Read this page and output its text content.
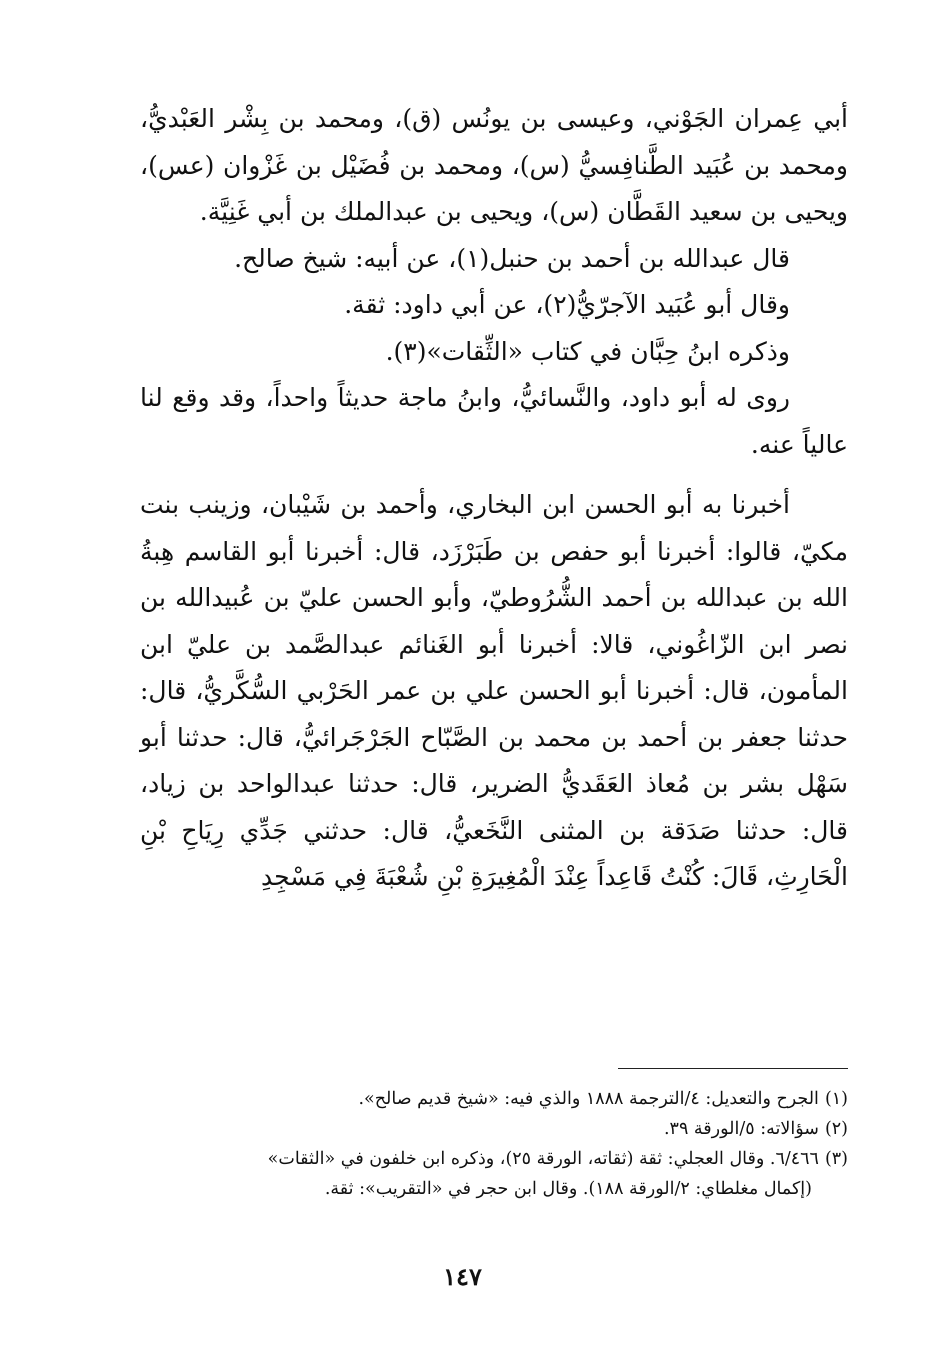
أبي عِمران الجَوْني، وعيسى بن يونُس (ق)، ومحمد بن بِشْر العَبْديُّ، ومحمد بن عُبَيد الطَّنافِسيُّ (س)، ومحمد بن فُضَيْل بن غَزْوان (عس)، ويحيى بن سعيد القَطَّان (س)، ويحيى بن عبدالملك بن أبي غَنِيَّة.

قال عبدالله بن أحمد بن حنبل(١)، عن أبيه: شيخ صالح.

وقال أبو عُبَيد الآجرّيُّ(٢)، عن أبي داود: ثقة.

وذكره ابنُ حِبَّان في كتاب «الثِّقات»(٣).

روى له أبو داود، والنَّسائيُّ، وابنُ ماجة حديثاً واحداً، وقد وقع لنا عالياً عنه.

أخبرنا به أبو الحسن ابن البخاري، وأحمد بن شَيْبان، وزينب بنت مكيّ، قالوا: أخبرنا أبو حفص بن طَبَرْزَد، قال: أخبرنا أبو القاسم هِبةُ الله بن عبدالله بن أحمد الشُّرُوطيّ، وأبو الحسن عليّ بن عُبيدالله بن نصر ابن الزّاغُوني، قالا: أخبرنا أبو الغَنائم عبدالصَّمد بن عليّ ابن المأمون، قال: أخبرنا أبو الحسن علي بن عمر الحَرْبي السُّكَّريُّ، قال: حدثنا جعفر بن أحمد بن محمد بن الصَّبّاح الجَرْجَرائيُّ، قال: حدثنا أبو سَهْل بشر بن مُعاذ العَقَديُّ الضرير، قال: حدثنا عبدالواحد بن زياد، قال: حدثنا صَدَقة بن المثنى النَّخَعيُّ، قال: حدثني جَدِّي رِيَاحِ بْنِ الْحَارِثِ، قَالَ: كُنْتُ قَاعِداً عِنْدَ الْمُغِيرَةِ بْنِ شُعْبَةَ فِي مَسْجِدِ

(١)الجرح والتعديل: ٤/الترجمة ١٨٨٨ والذي فيه: «شيخ قديم صالح».

(٢)سؤالاته: ٥/الورقة ٣٩.

(٣)٦/٤٦٦. وقال العجلي: ثقة (ثقاته، الورقة ٢٥)، وذكره ابن خلفون في «الثقات»

(إكمال مغلطاي: ٢/الورقة ١٨٨). وقال ابن حجر في «التقريب»: ثقة.

١٤٧
